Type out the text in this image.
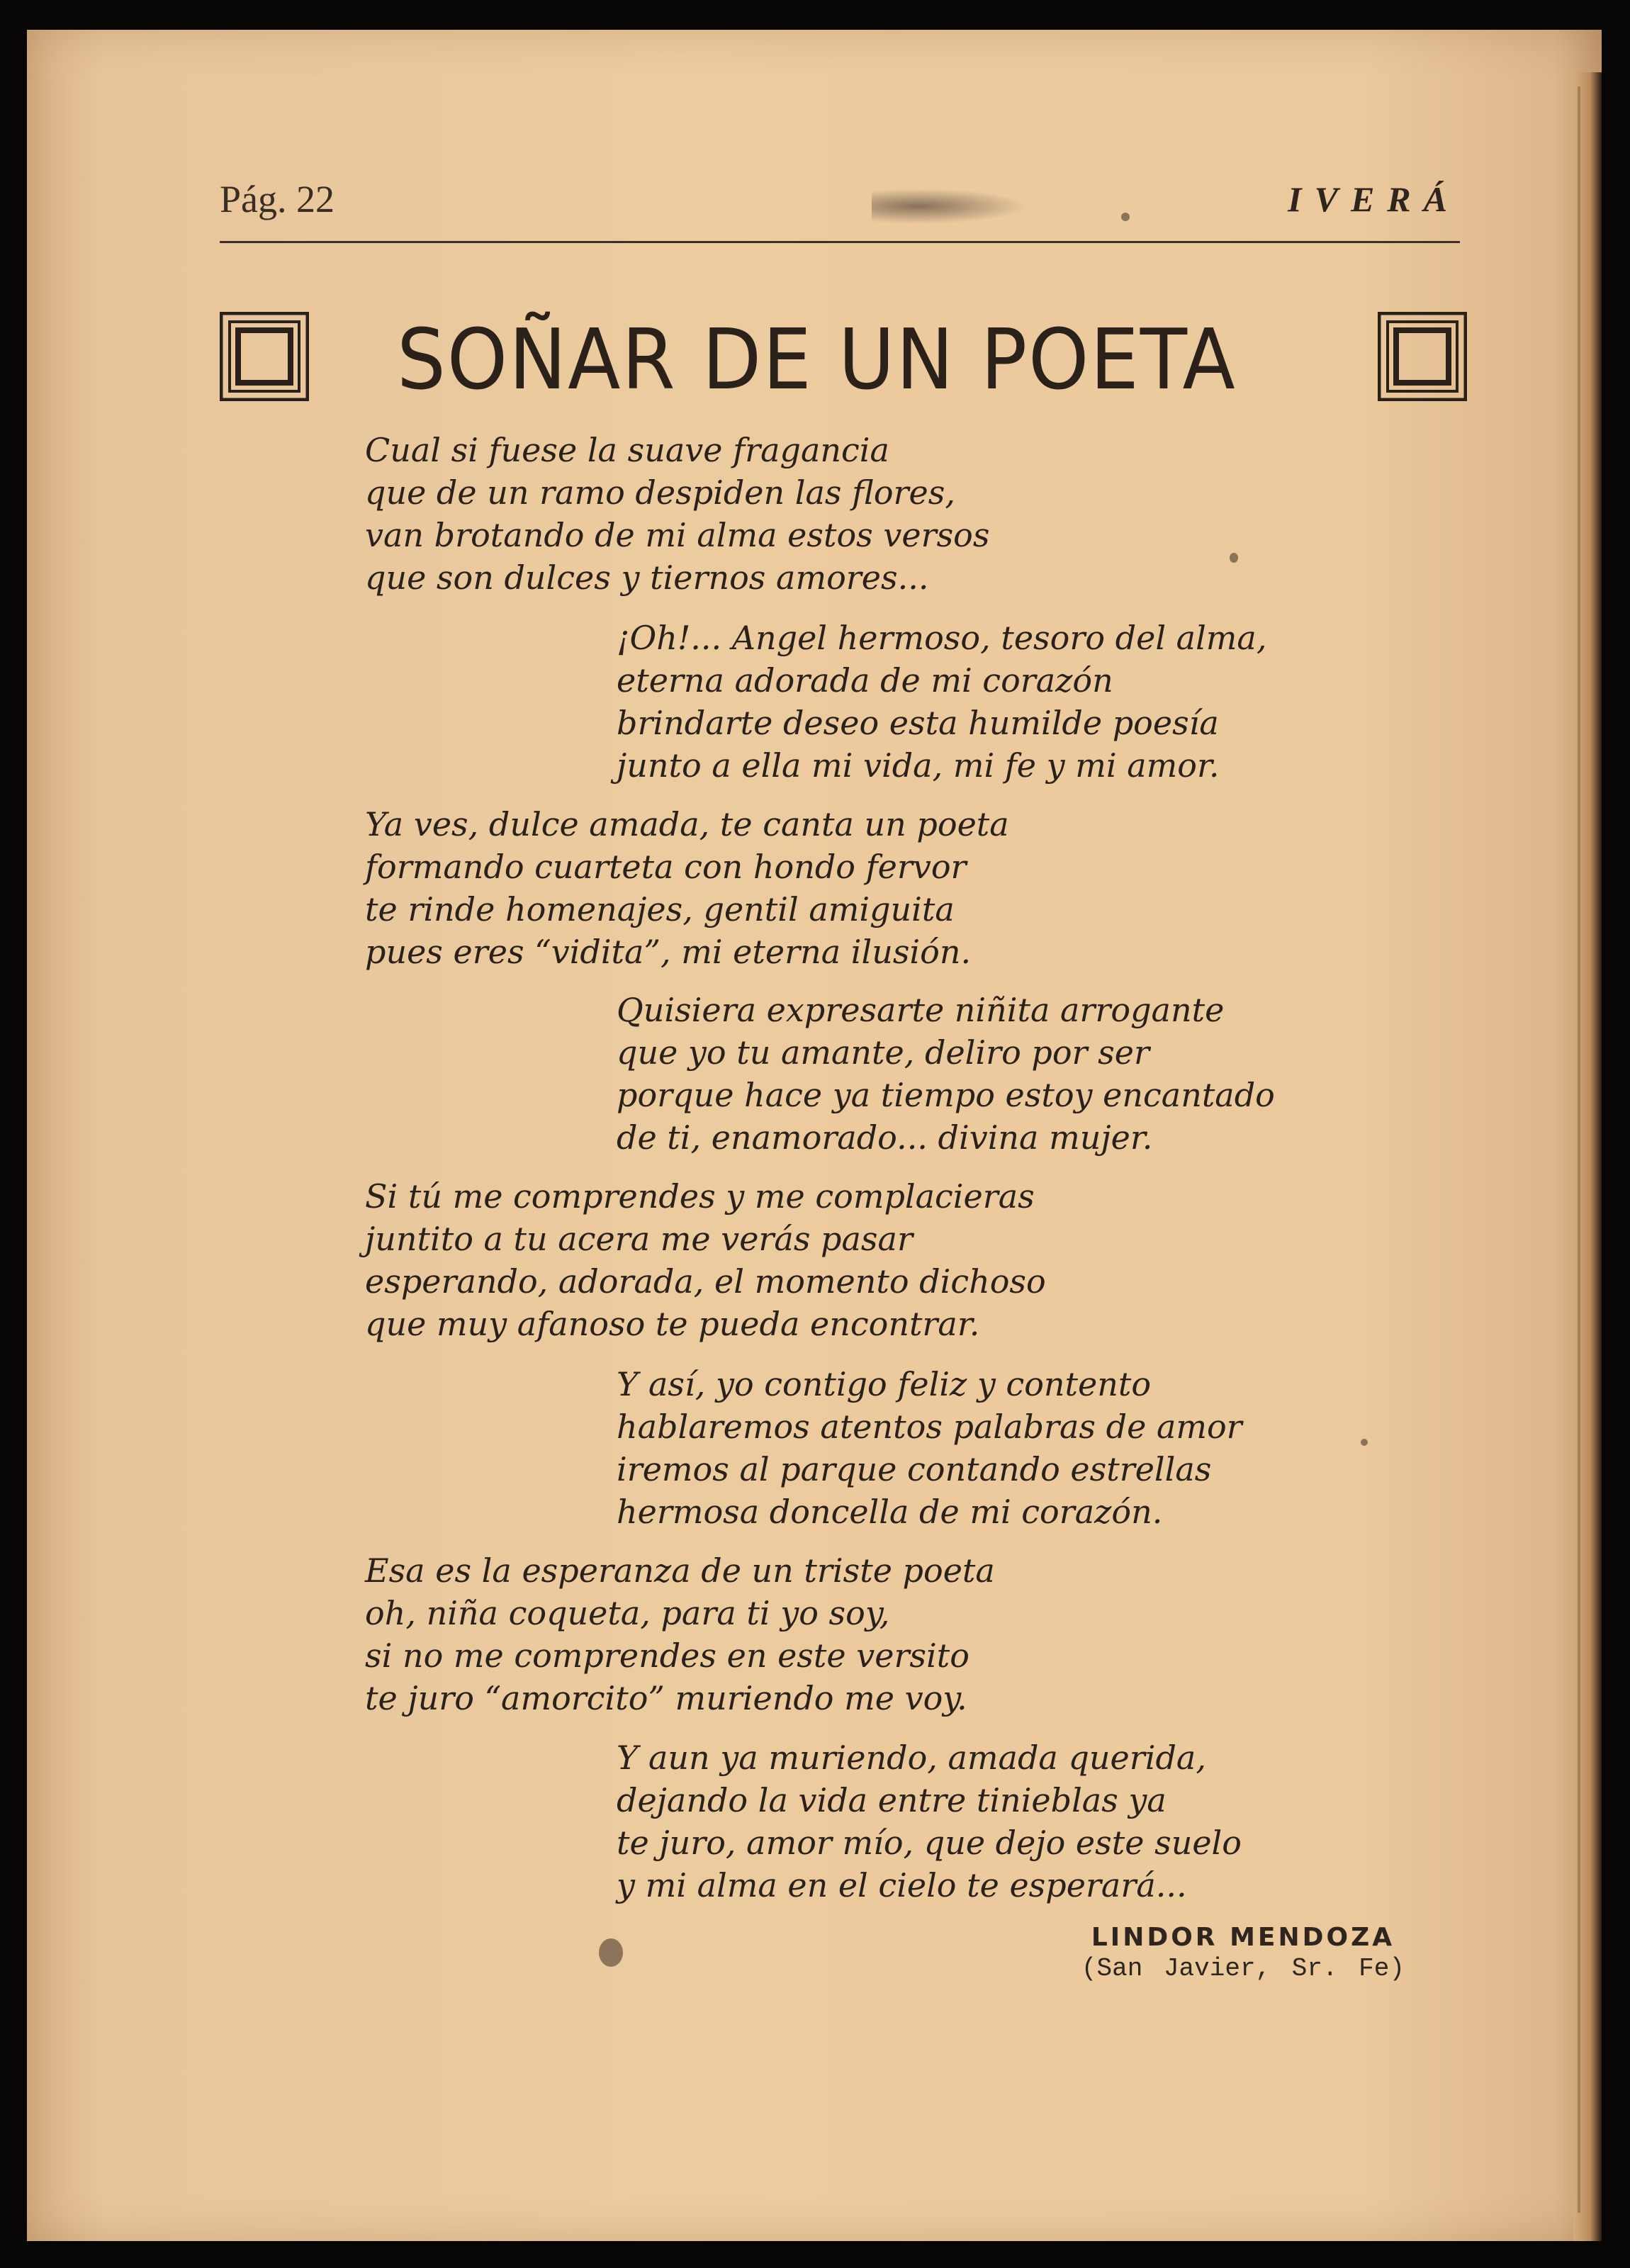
Pág. 22	IVERÁ
SOÑAR DE UN POETA
Cual si fuese la suave fragancia
que de un ramo despiden las flores,
van brotando de mi alma estos versos
que son dulces y tiernos amores...
¡Oh!... Angel hermoso, tesoro del alma,
eterna adorada de mi corazón
brindarte deseo esta humilde poesía
junto a ella mi vida, mi fe y mi amor.
Ya ves, dulce amada, te canta un poeta
formando cuarteta con hondo fervor
te rinde homenajes, gentil amiguita
pues eres “vidita”, mi eterna ilusión.
Quisiera expresarte niñita arrogante
que yo tu amante, deliro por ser
porque hace ya tiempo estoy encantado
de ti, enamorado... divina mujer.
Si tú me comprendes y me complacieras
juntito a tu acera me verás pasar
esperando, adorada, el momento dichoso
que muy afanoso te pueda encontrar.
Y así, yo contigo feliz y contento
hablaremos atentos palabras de amor
iremos al parque contando estrellas
hermosa doncella de mi corazón.
Esa es la esperanza de un triste poeta
oh, niña coqueta, para ti yo soy,
si no me comprendes en este versito
te juro “amorcito” muriendo me voy.
Y aun ya muriendo, amada querida,
dejando la vida entre tinieblas ya
te juro, amor mío, que dejo este suelo
y mi alma en el cielo te esperará...
LINDOR MENDOZA
(San Javier, Sr. Fe)
